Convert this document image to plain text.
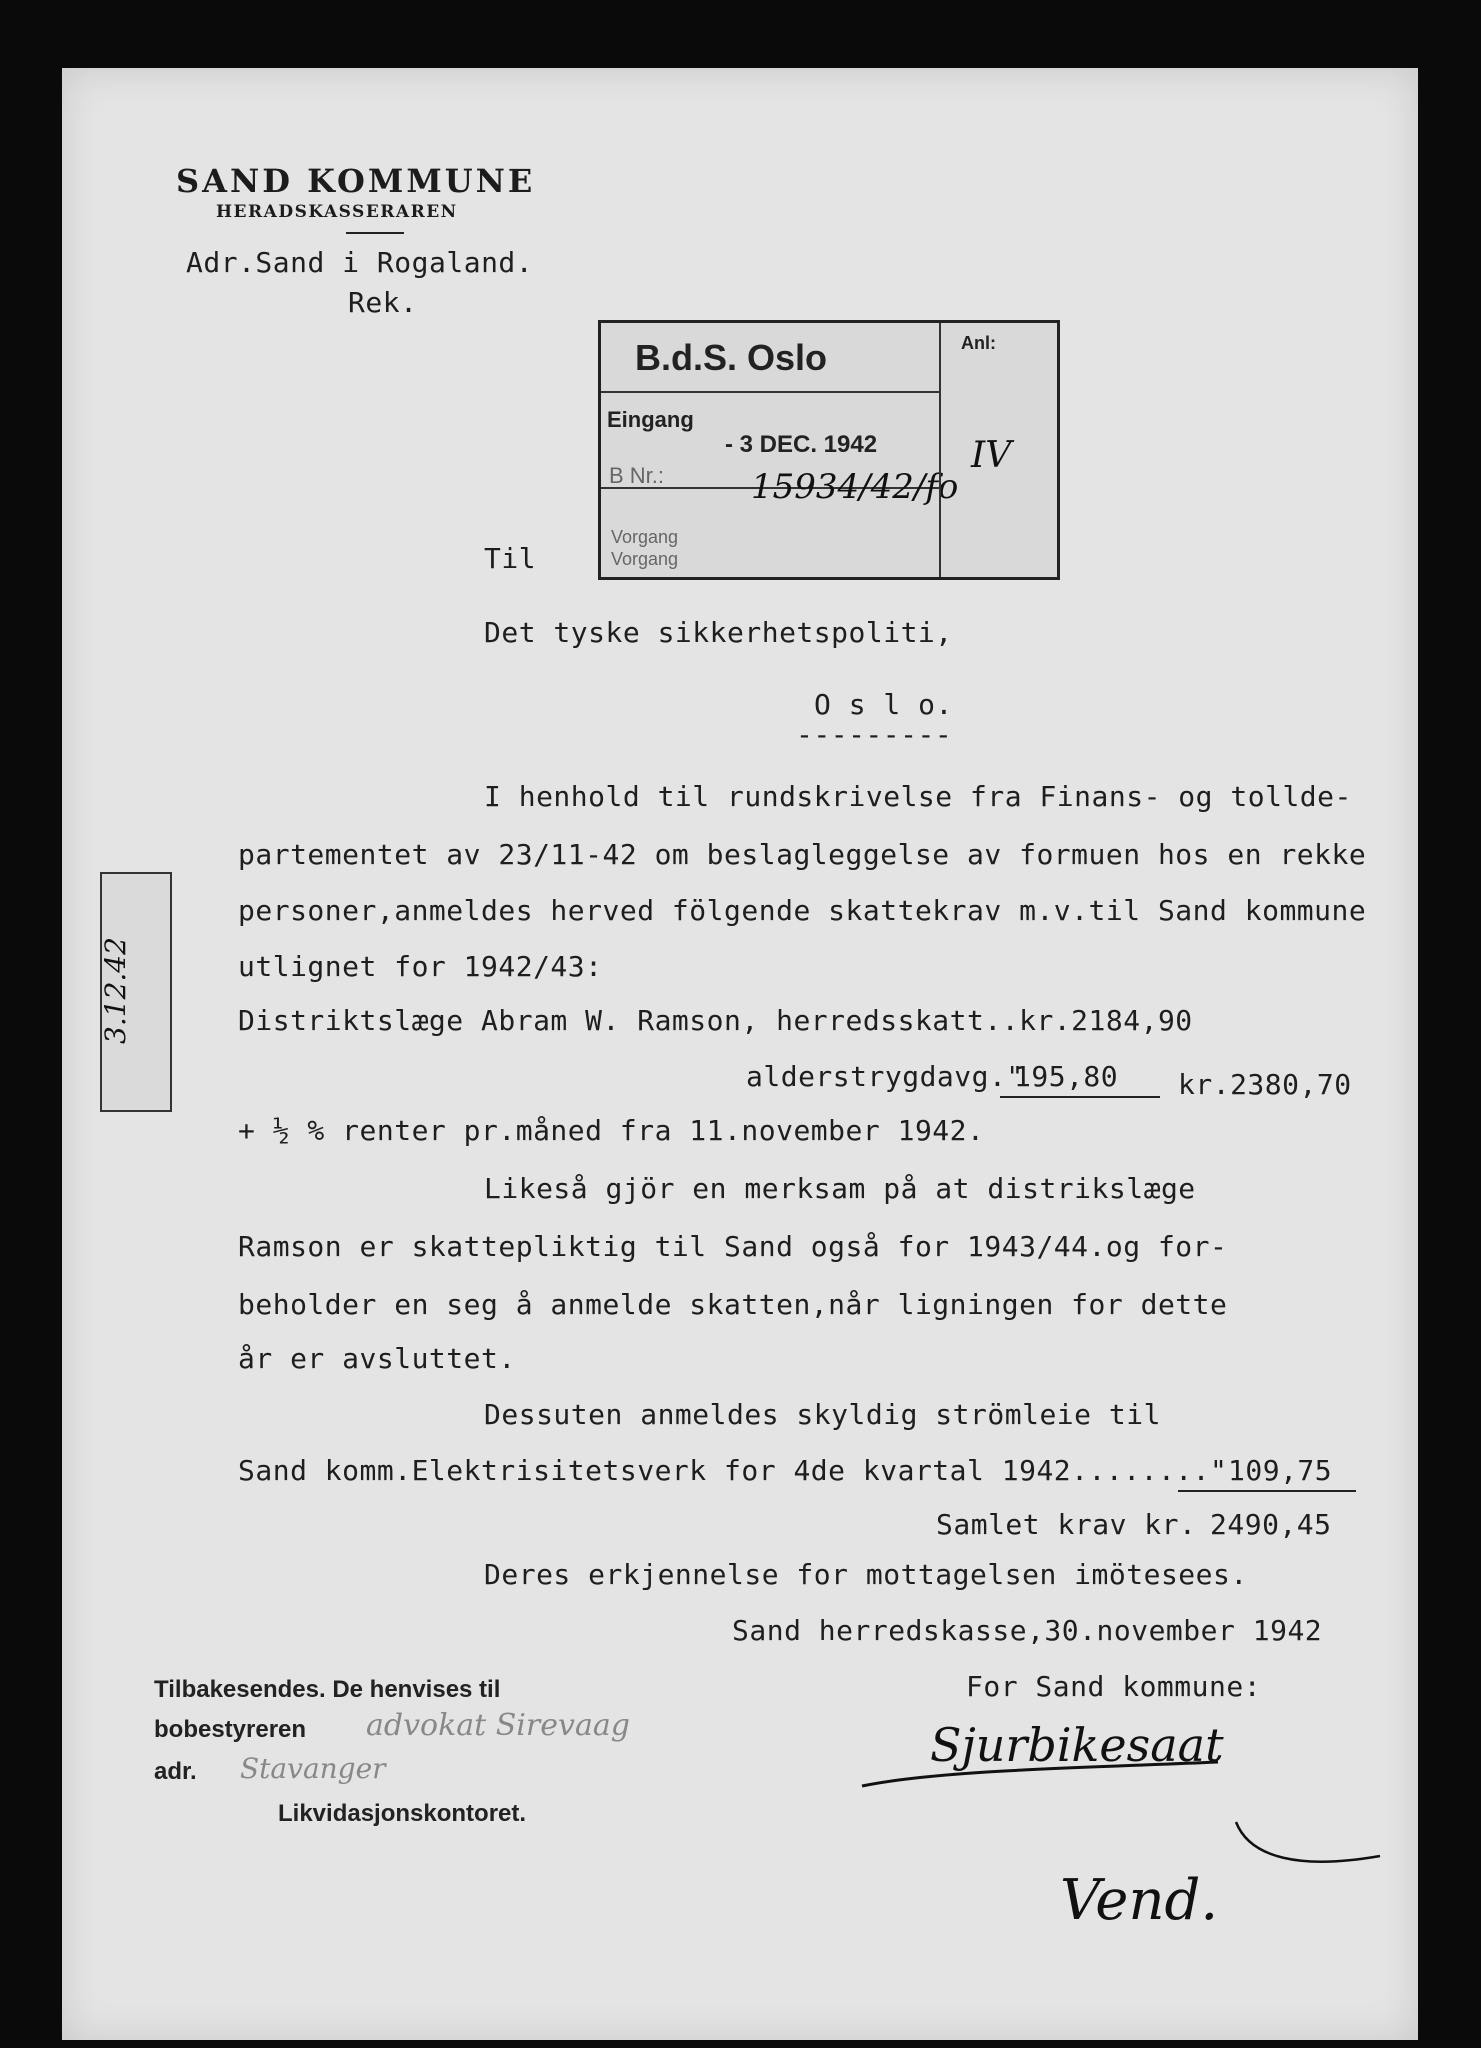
SAND KOMMUNE
HERADSKASSERAREN
Adr.Sand i Rogaland.
Rek.
B.d.S. Oslo
Eingang
- 3 DEC. 1942
B Nr.:	15934/42/fo
Vorgang
Vorgang
Anl:
IV
Til
Det tyske sikkerhetspoliti,
O s l o.
---------
I henhold til rundskrivelse fra Finans- og tollde-
partementet av 23/11-42 om beslagleggelse av formuen hos en rekke
personer,anmeldes herved fölgende skattekrav m.v.til Sand kommune
utlignet for 1942/43:
Distriktslæge Abram W. Ramson, herredsskatt..kr.2184,90
alderstrygdavg."
195,80 kr.2380,70
+ ½ % renter pr.måned fra 11.november 1942.
Likeså gjör en merksam på at distrikslæge
Ramson er skattepliktig til Sand også for 1943/44.og for-
beholder en seg å anmelde skatten,når ligningen for dette
år er avsluttet.
Dessuten anmeldes skyldig strömleie til
Sand komm.Elektrisitetsverk for 4de kvartal 1942........" 109,75
Samlet krav kr. 2490,45
Deres erkjennelse for mottagelsen imötesees.
Sand herredskasse,30.november 1942
For Sand kommune:
Sjurbikesaat
3.12.42
Tilbakesendes. De henvises til
bobestyreren advokat Sirevaag
adr. Stavanger
Likvidasjonskontoret.
Vend.
